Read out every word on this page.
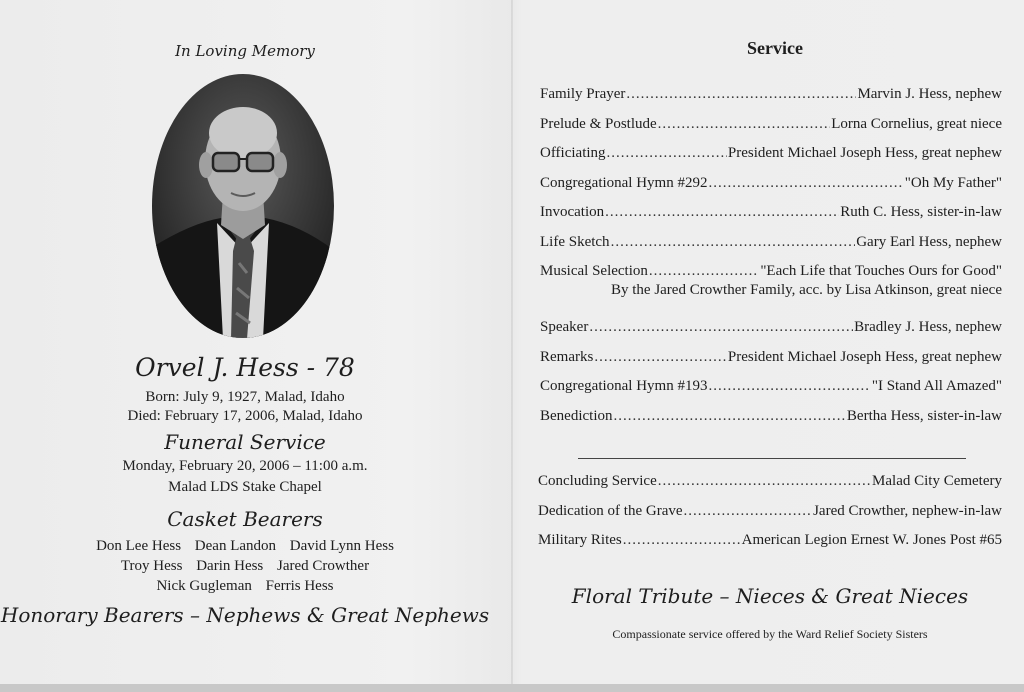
In Loving Memory
Orvel J. Hess - 78
Born: July 9, 1927, Malad, Idaho
Died: February 17, 2006, Malad, Idaho
Funeral Service
Monday, February 20, 2006 – 11:00 a.m.
Malad LDS Stake Chapel
Casket Bearers
Don Lee Hess Dean Landon David Lynn Hess
Troy Hess Darin Hess Jared Crowther
Nick Gugleman Ferris Hess
Honorary Bearers – Nephews & Great Nephews
Service
Family Prayer .....	Marvin J. Hess, nephew
Prelude & Postlude .....	Lorna Cornelius, great niece
Officiating .....	President Michael Joseph Hess, great nephew
Congregational Hymn #292 .....	"Oh My Father"
Invocation .....	Ruth C. Hess, sister-in-law
Life Sketch .....	Gary Earl Hess, nephew
Musical Selection .....	"Each Life that Touches Ours for Good"
By the Jared Crowther Family, acc. by Lisa Atkinson, great niece
Speaker .....	Bradley J. Hess, nephew
Remarks .....	President Michael Joseph Hess, great nephew
Congregational Hymn #193 .....	"I Stand All Amazed"
Benediction .....	Bertha Hess, sister-in-law
Concluding Service .....	Malad City Cemetery
Dedication of the Grave .....	Jared Crowther, nephew-in-law
Military Rites .....	American Legion Ernest W. Jones Post #65
Floral Tribute – Nieces & Great Nieces
Compassionate service offered by the Ward Relief Society Sisters
